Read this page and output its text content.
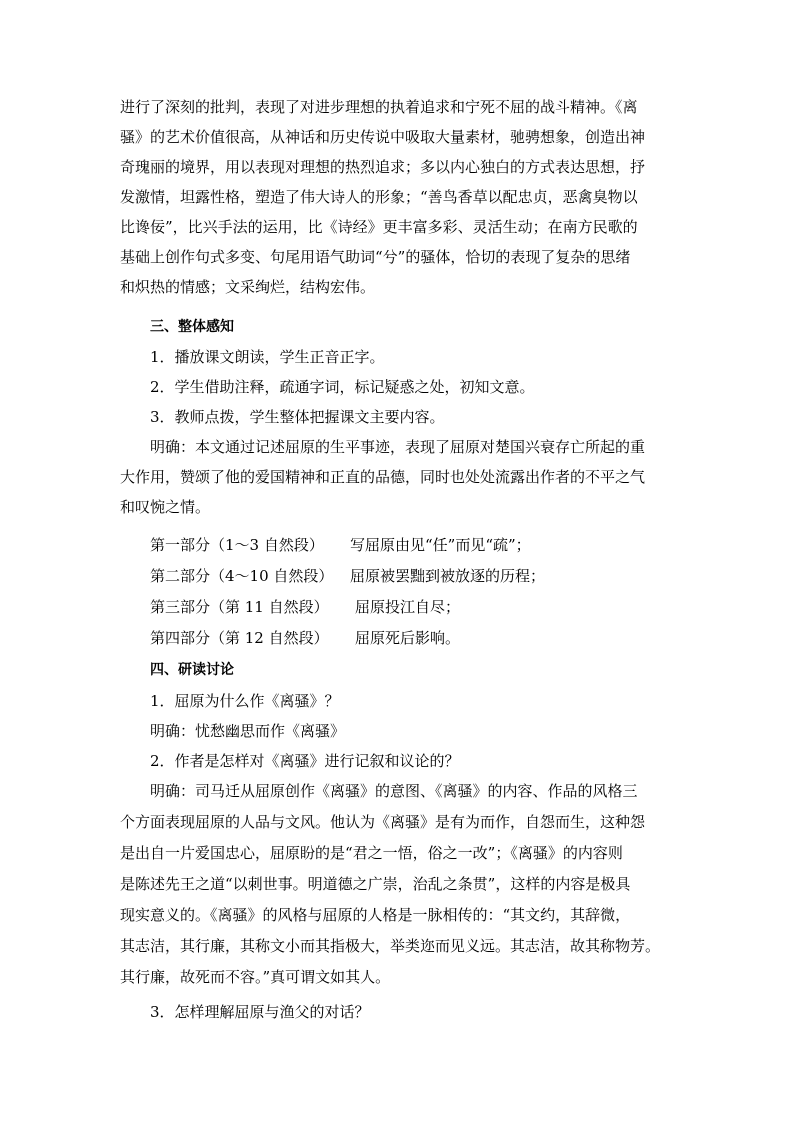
进行了深刻的批判，表现了对进步理想的执着追求和宁死不屈的战斗精神。《离
骚》的艺术价值很高，从神话和历史传说中吸取大量素材，驰骋想象，创造出神
奇瑰丽的境界，用以表现对理想的热烈追求；多以内心独白的方式表达思想，抒
发激情，坦露性格，塑造了伟大诗人的形象；“善鸟香草以配忠贞，恶禽臭物以
比谗佞”，比兴手法的运用，比《诗经》更丰富多彩、灵活生动；在南方民歌的
基础上创作句式多变、句尾用语气助词“兮”的骚体，恰切的表现了复杂的思绪
和炽热的情感；文采绚烂，结构宏伟。
三、整体感知
1．播放课文朗读，学生正音正字。
2．学生借助注释，疏通字词，标记疑惑之处，初知文意。
3．教师点拨，学生整体把握课文主要内容。
明确：本文通过记述屈原的生平事迹，表现了屈原对楚国兴衰存亡所起的重
大作用，赞颂了他的爱国精神和正直的品德，同时也处处流露出作者的不平之气
和叹惋之情。
第一部分（1～3 自然段） 写屈原由见“任”而见“疏”；
第二部分（4～10 自然段） 屈原被罢黜到被放逐的历程；
第三部分（第 11 自然段） 屈原投江自尽；
第四部分（第 12 自然段） 屈原死后影响。
四、研读讨论
1．屈原为什么作《离骚》？
明确：忧愁幽思而作《离骚》
2．作者是怎样对《离骚》进行记叙和议论的？
明确：司马迁从屈原创作《离骚》的意图、《离骚》的内容、作品的风格三
个方面表现屈原的人品与文风。他认为《离骚》是有为而作，自怨而生，这种怨
是出自一片爱国忠心，屈原盼的是“君之一悟，俗之一改”；《离骚》的内容则
是陈述先王之道“以刺世事。明道德之广崇，治乱之条贯”，这样的内容是极具
现实意义的。《离骚》的风格与屈原的人格是一脉相传的：“其文约，其辞微，
其志洁，其行廉，其称文小而其指极大，举类迩而见义远。其志洁，故其称物芳。
其行廉，故死而不容。”真可谓文如其人。
3．怎样理解屈原与渔父的对话？
